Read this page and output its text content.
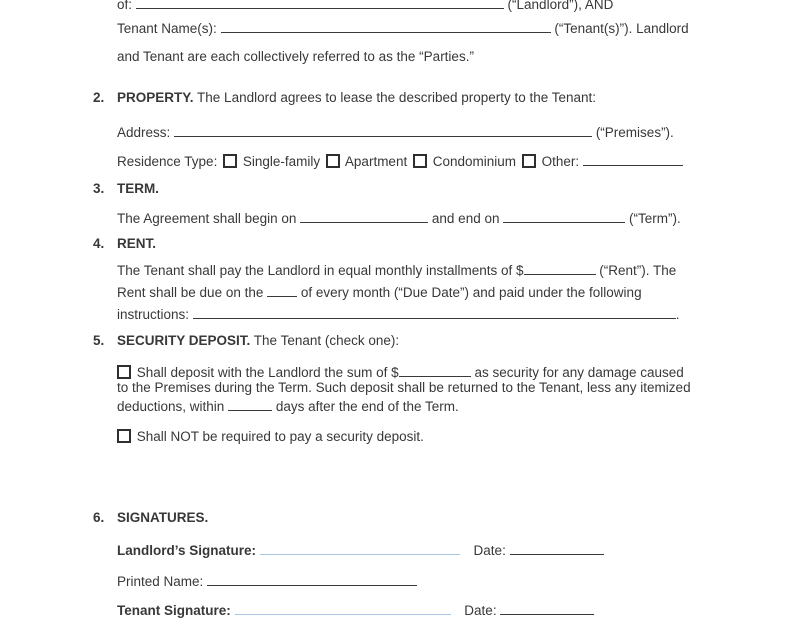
of:	(“Landlord”), AND
Tenant Name(s):	(“Tenant(s)”). Landlord
and Tenant are each collectively referred to as the “Parties.”
2. PROPERTY. The Landlord agrees to lease the described property to the Tenant:
Address:	(“Premises”).
Residence Type: Single-family Apartment Condominium Other:
3. TERM.
The Agreement shall begin on	and end on	(“Term”).
4. RENT.
The Tenant shall pay the Landlord in equal monthly installments of $	(“Rent”). The
Rent shall be due on the	of every month (“Due Date”) and paid under the following
instructions:	.
5. SECURITY DEPOSIT. The Tenant (check one):
Shall deposit with the Landlord the sum of $	as security for any damage caused
to the Premises during the Term. Such deposit shall be returned to the Tenant, less any itemized
deductions, within	days after the end of the Term.
Shall NOT be required to pay a security deposit.
6. SIGNATURES.
Landlord’s Signature:	Date:
Printed Name:
Tenant Signature:	Date:
